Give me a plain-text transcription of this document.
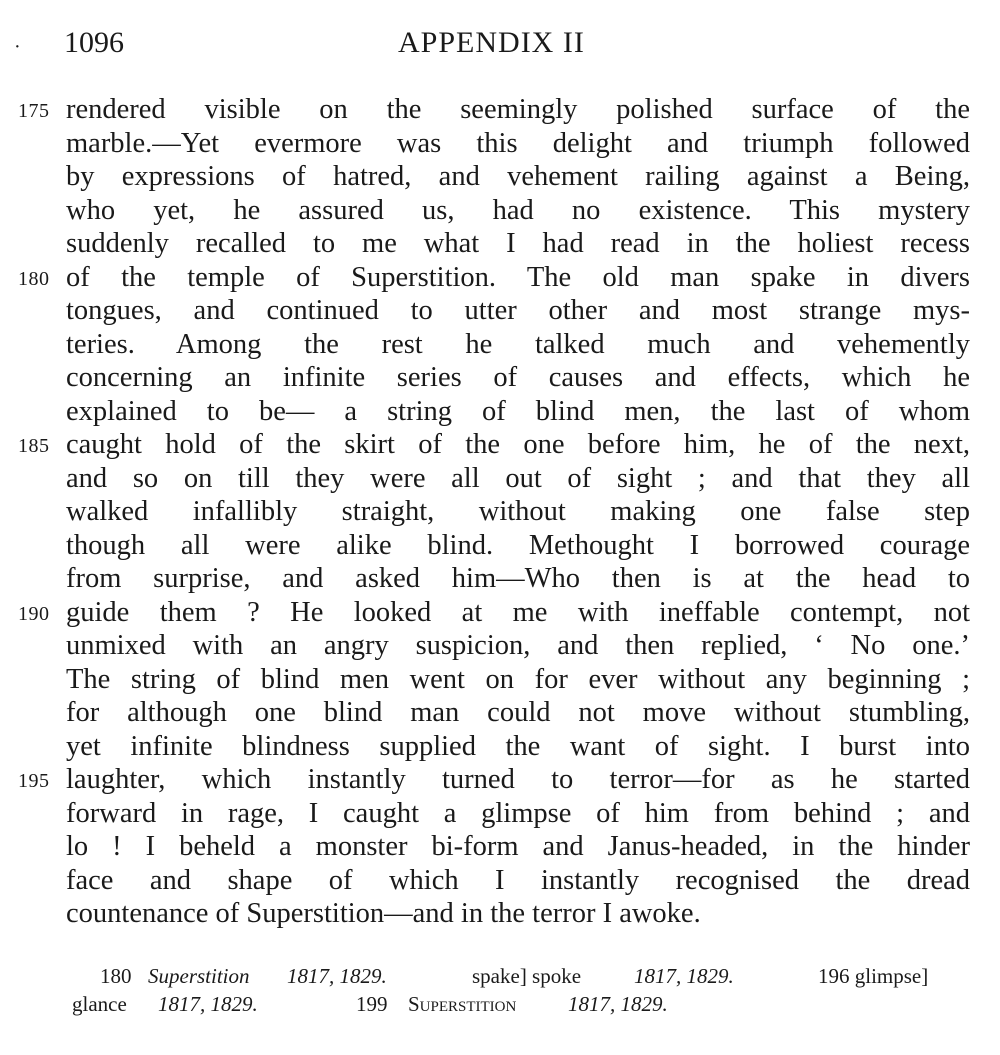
· 1096	APPENDIX II
175 rendered visible on the seemingly polished surface of the
marble.—Yet evermore was this delight and triumph followed
by expressions of hatred, and vehement railing against a Being,
who yet, he assured us, had no existence. This mystery
suddenly recalled to me what I had read in the holiest recess
180 of the temple of Superstition. The old man spake in divers
tongues, and continued to utter other and most strange mys-
teries. Among the rest he talked much and vehemently
concerning an infinite series of causes and effects, which he
explained to be— a string of blind men, the last of whom
185 caught hold of the skirt of the one before him, he of the next,
and so on till they were all out of sight ; and that they all
walked infallibly straight, without making one false step
though all were alike blind. Methought I borrowed courage
from surprise, and asked him—Who then is at the head to
190 guide them ? He looked at me with ineffable contempt, not
unmixed with an angry suspicion, and then replied, ‘ No one.’
The string of blind men went on for ever without any beginning ;
for although one blind man could not move without stumbling,
yet infinite blindness supplied the want of sight. I burst into
195 laughter, which instantly turned to terror—for as he started
forward in rage, I caught a glimpse of him from behind ; and
lo ! I beheld a monster bi-form and Janus-headed, in the hinder
face and shape of which I instantly recognised the dread
countenance of Superstition—and in the terror I awoke.
180 Superstition 1817, 1829.	spake] spoke	1817, 1829.	196 glimpse]
glance 1817, 1829.	199 Superstition 1817, 1829.
